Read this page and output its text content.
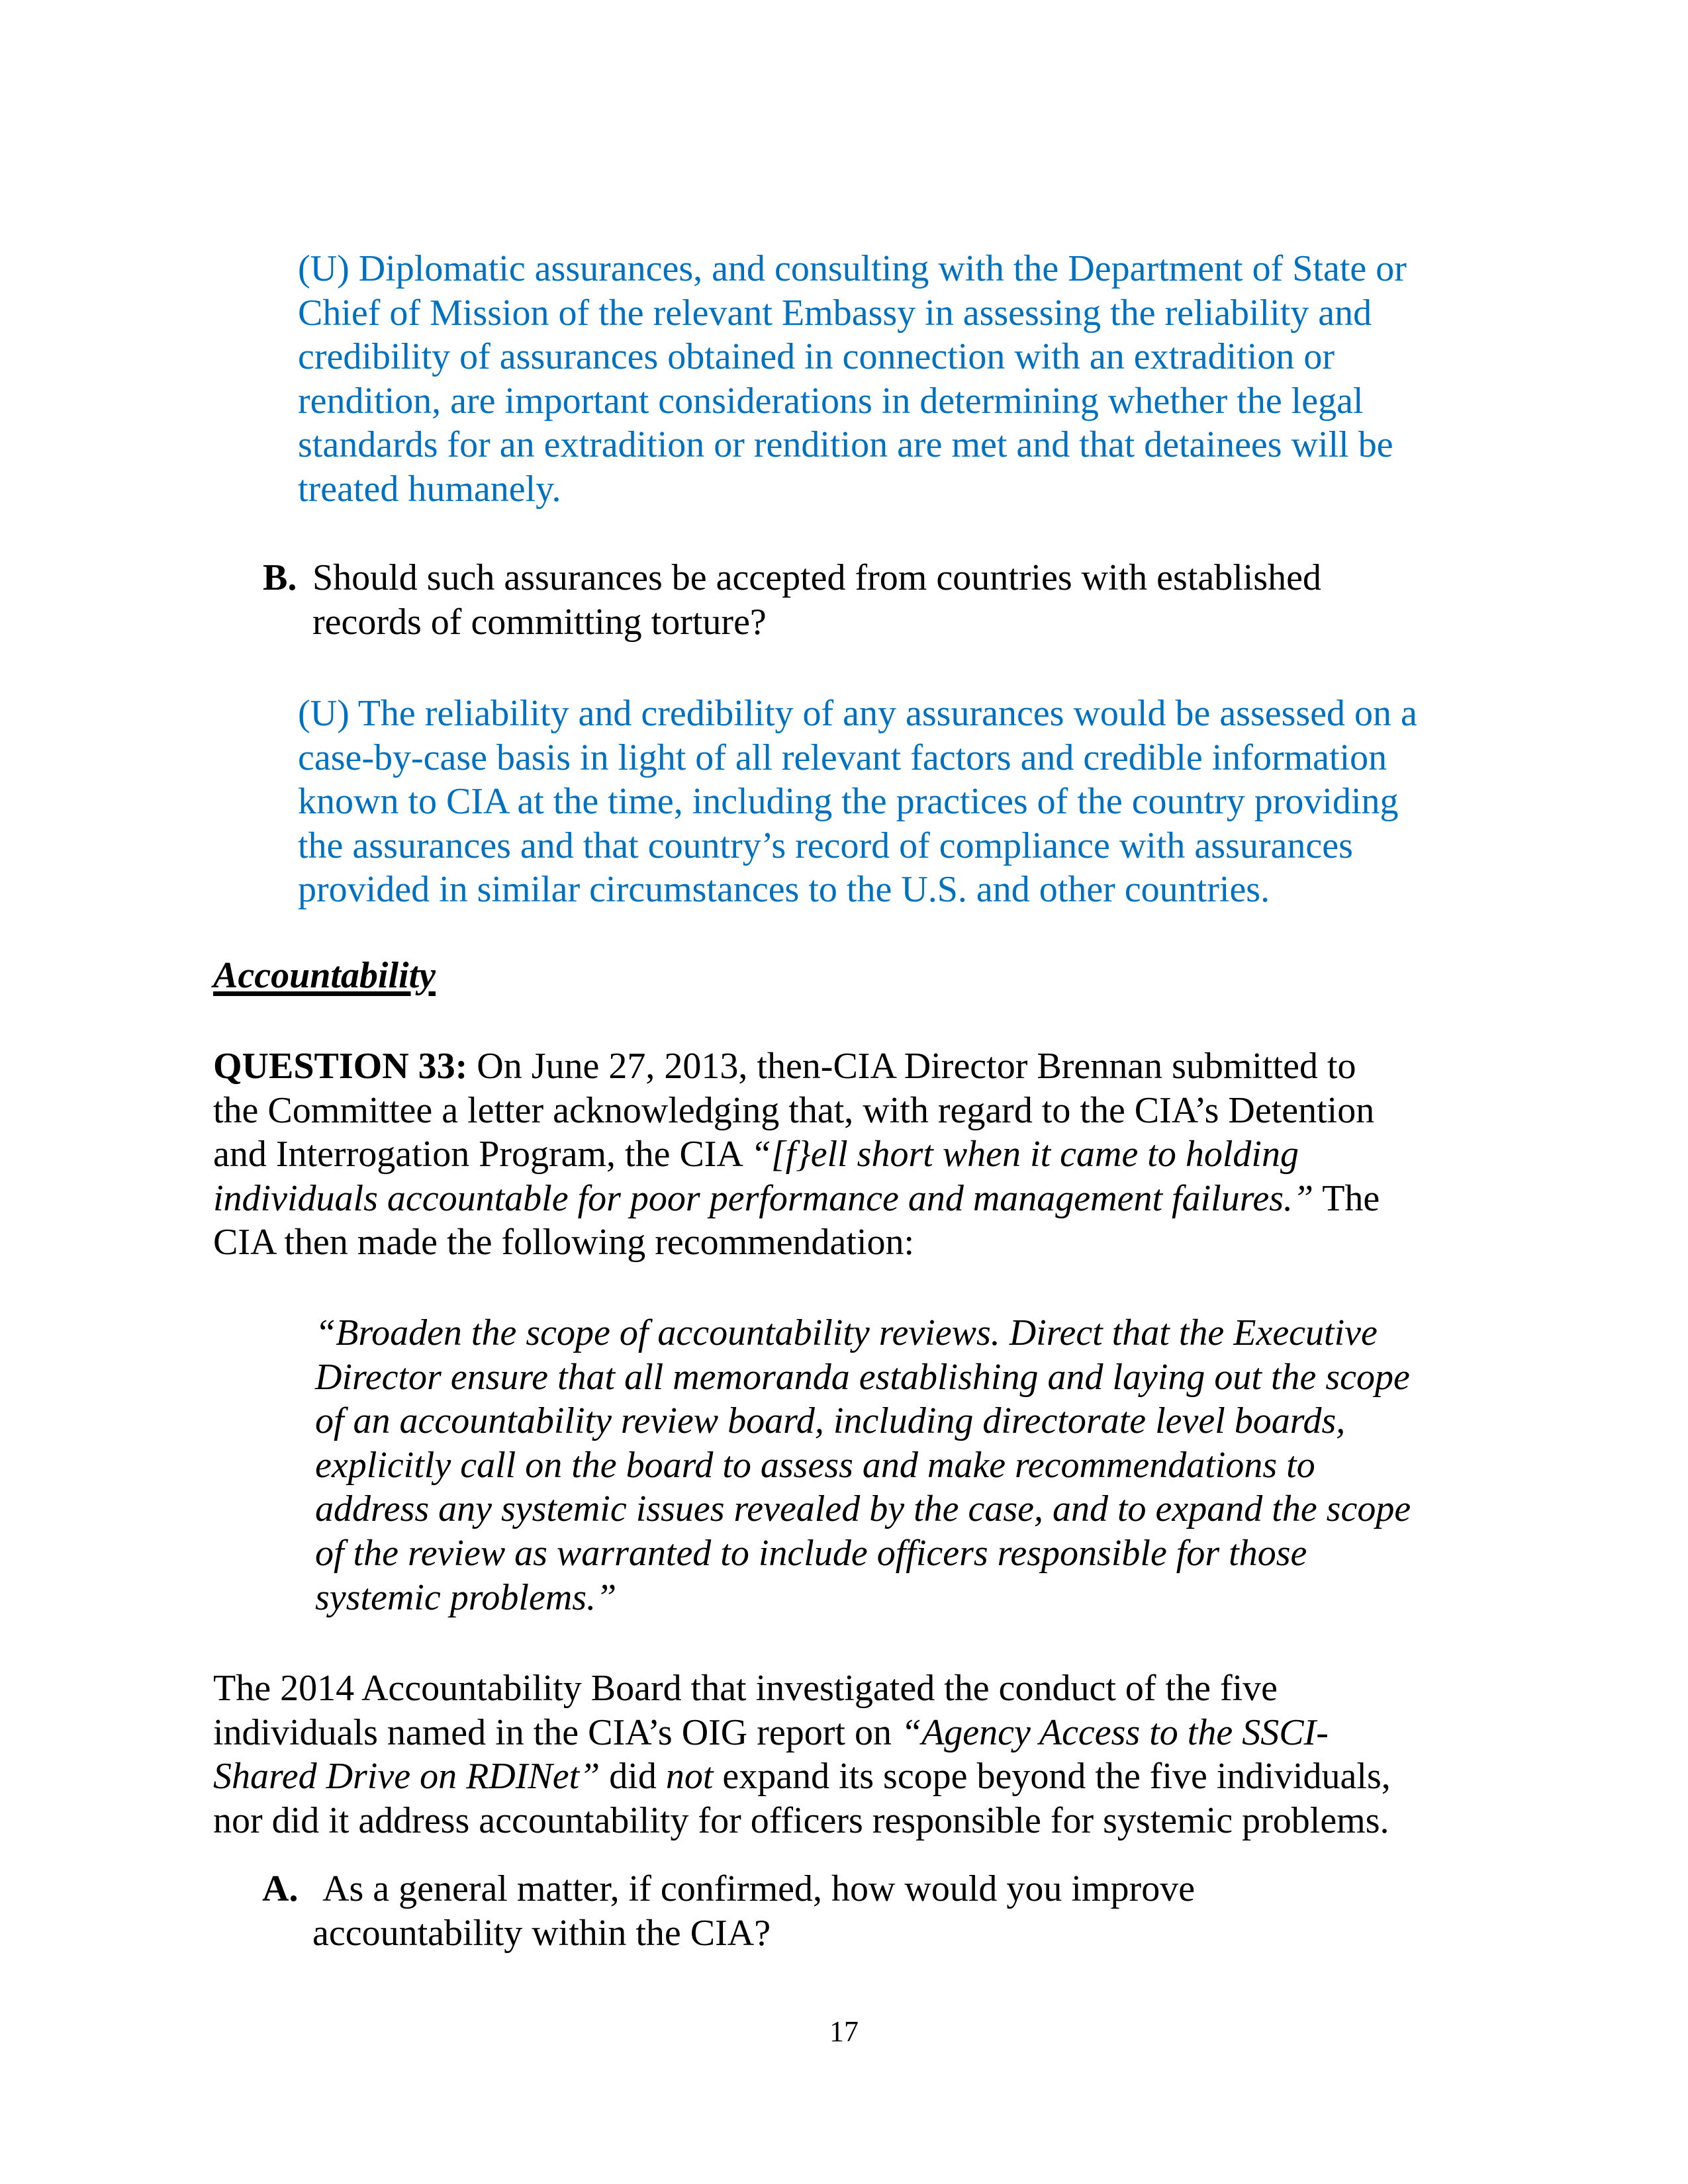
(U) Diplomatic assurances, and consulting with the Department of State or
Chief of Mission of the relevant Embassy in assessing the reliability and
credibility of assurances obtained in connection with an extradition or
rendition, are important considerations in determining whether the legal
standards for an extradition or rendition are met and that detainees will be
treated humanely.
B. Should such assurances be accepted from countries with established
records of committing torture?
(U) The reliability and credibility of any assurances would be assessed on a
case-by-case basis in light of all relevant factors and credible information
known to CIA at the time, including the practices of the country providing
the assurances and that country’s record of compliance with assurances
provided in similar circumstances to the U.S. and other countries.
Accountability
QUESTION 33: On June 27, 2013, then-CIA Director Brennan submitted to
the Committee a letter acknowledging that, with regard to the CIA’s Detention
and Interrogation Program, the CIA “[f}ell short when it came to holding
individuals accountable for poor performance and management failures.” The
CIA then made the following recommendation:
“Broaden the scope of accountability reviews. Direct that the Executive
Director ensure that all memoranda establishing and laying out the scope
of an accountability review board, including directorate level boards,
explicitly call on the board to assess and make recommendations to
address any systemic issues revealed by the case, and to expand the scope
of the review as warranted to include officers responsible for those
systemic problems.”
The 2014 Accountability Board that investigated the conduct of the five
individuals named in the CIA’s OIG report on “Agency Access to the SSCI-
Shared Drive on RDINet” did not expand its scope beyond the five individuals,
nor did it address accountability for officers responsible for systemic problems.
A. As a general matter, if confirmed, how would you improve
accountability within the CIA?
17
